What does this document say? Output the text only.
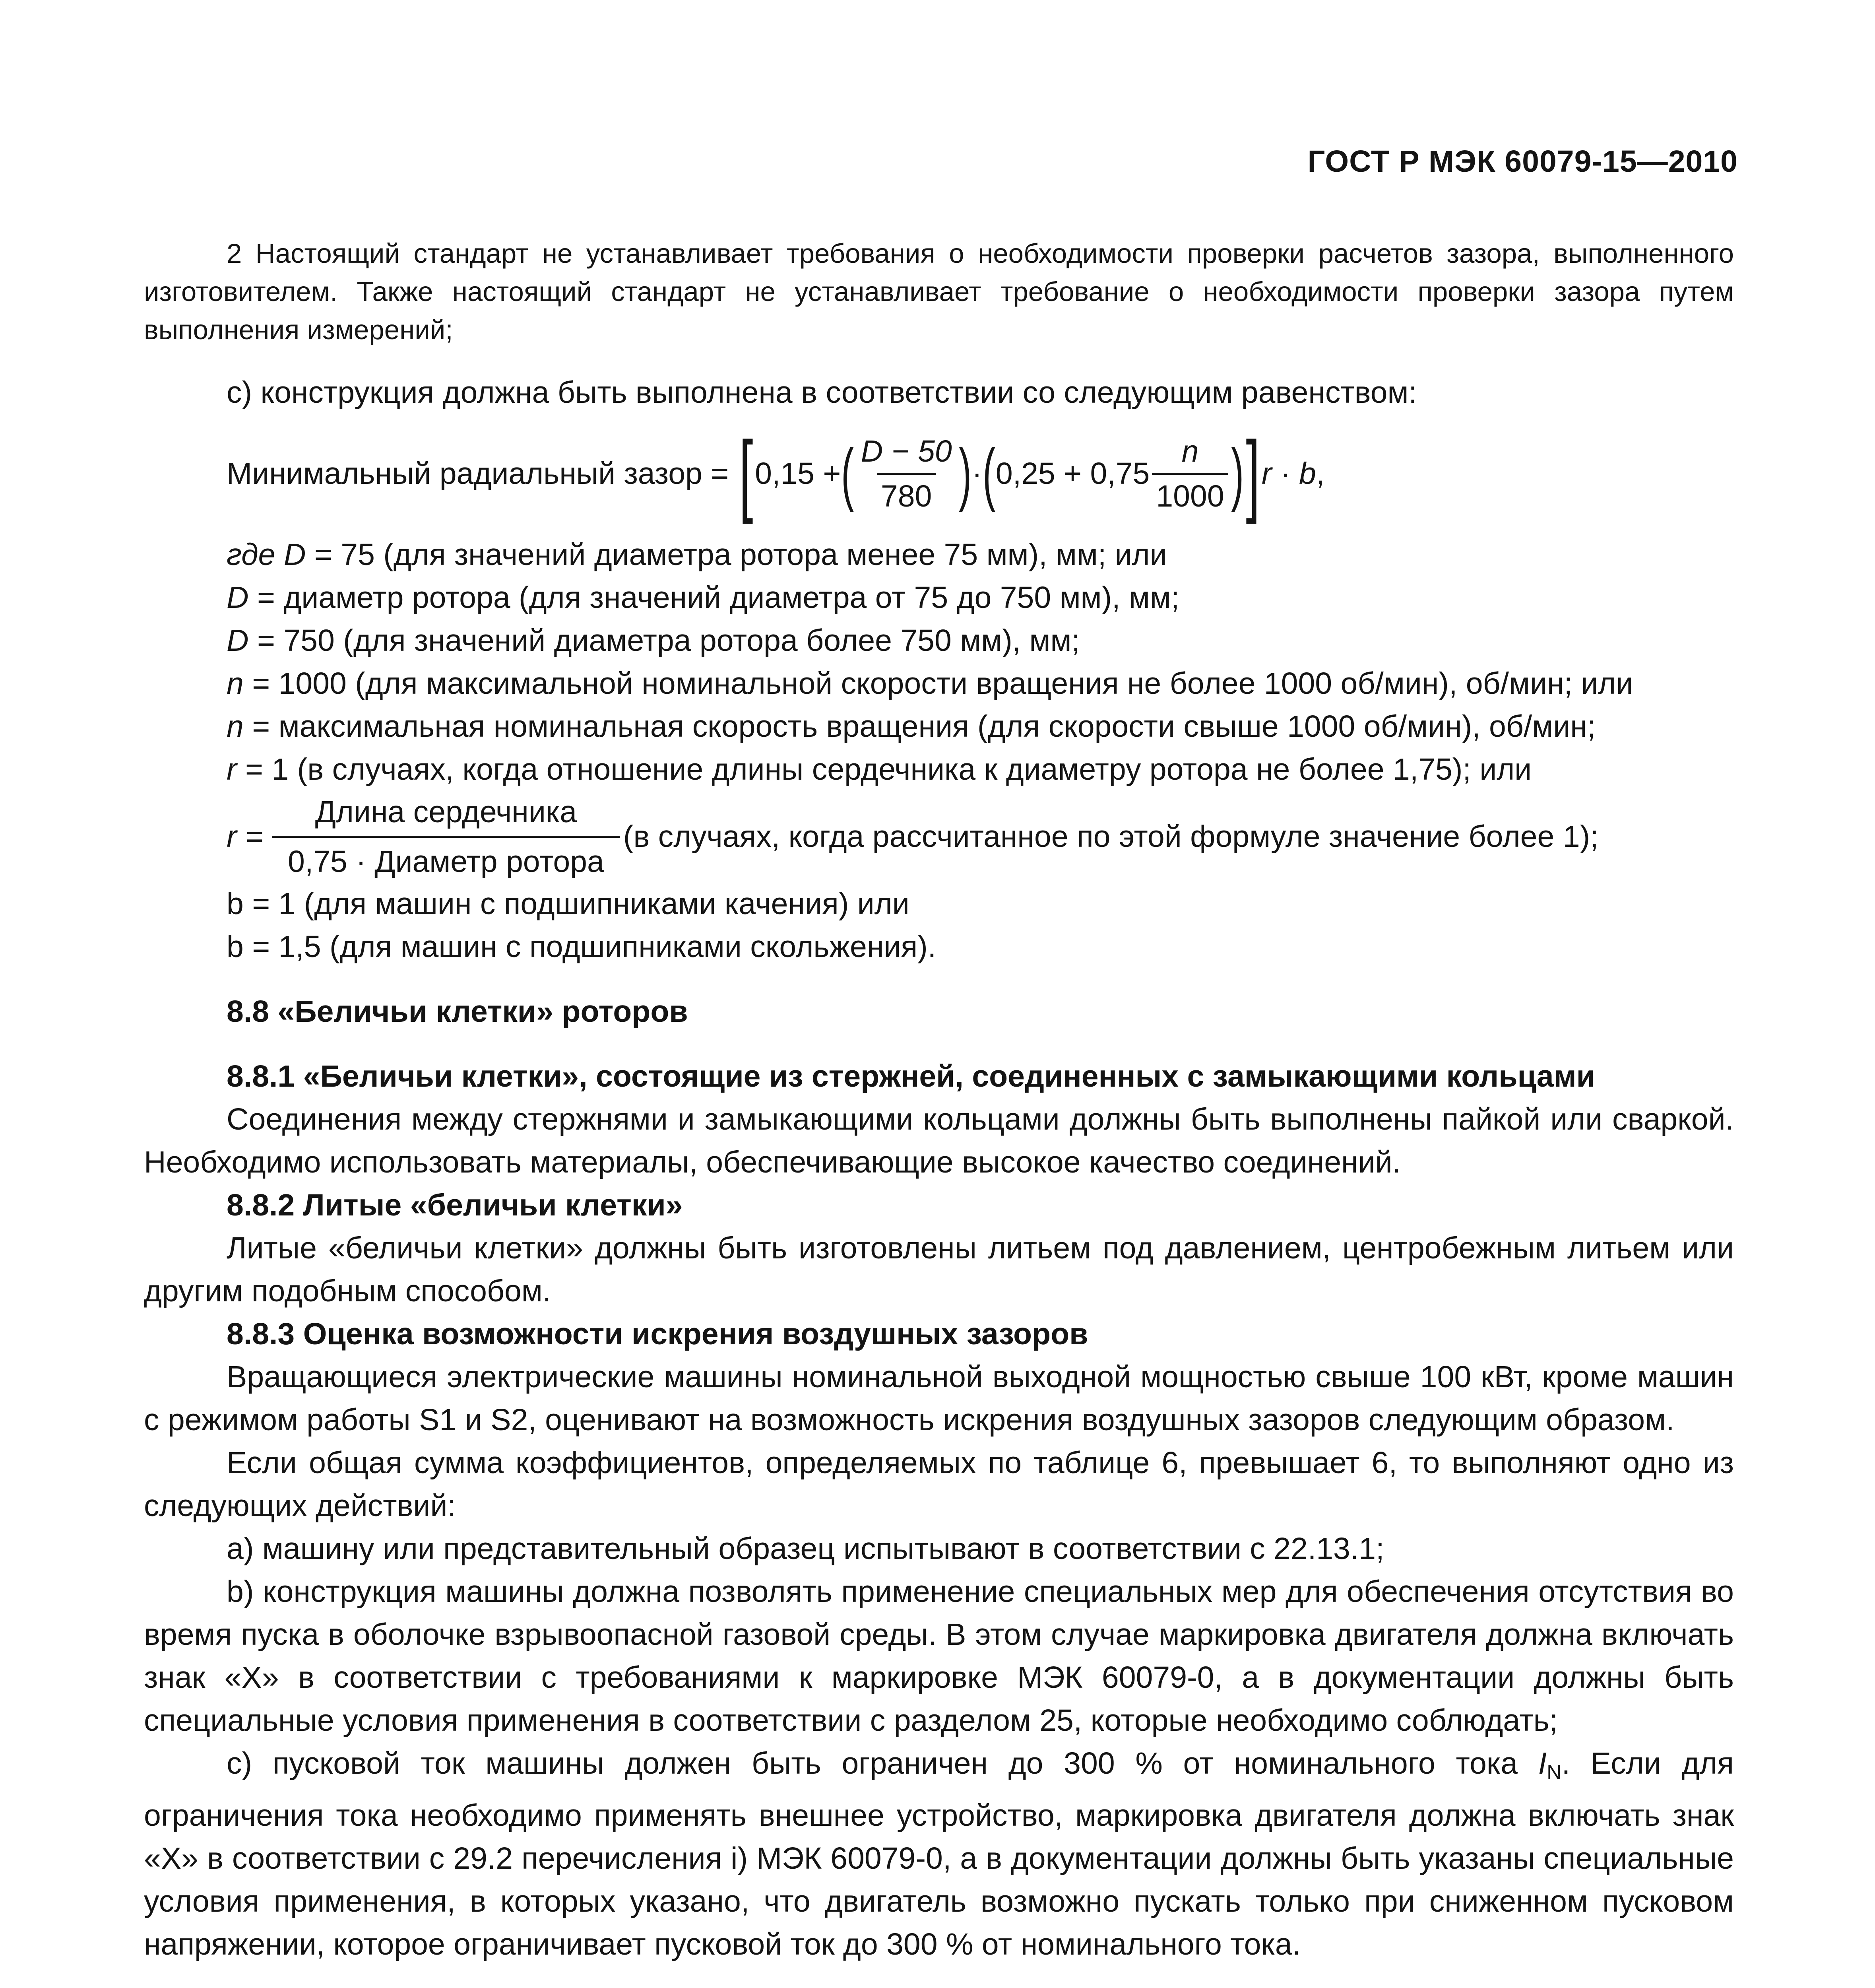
ГОСТ Р МЭК 60079-15—2010

2 Настоящий стандарт не устанавливает требования о необходимости проверки расчетов зазора, выполненного изготовителем. Также настоящий стандарт не устанавливает требование о необходимости проверки зазора путем выполнения измерений;

с) конструкция должна быть выполнена в соответствии со следующим равенством:

Минимальный радиальный зазор = [ 0,15 + ( $\frac{D - 50}{780}$ ) · ( $0,25 + 0,75 \frac{n}{1000}$ ) ] r · b ,

где D = 75 (для значений диаметра ротора менее 75 мм), мм; или

D = диаметр ротора (для значений диаметра от 75 до 750 мм), мм;

D = 750 (для значений диаметра ротора более 750 мм), мм;

n = 1000 (для максимальной номинальной скорости вращения не более 1000 об/мин), об/мин; или

n = максимальная номинальная скорость вращения (для скорости свыше 1000 об/мин), об/мин;

r = 1 (в случаях, когда отношение длины сердечника к диаметру ротора не более 1,75); или

$r = \frac{\text{Длина сердечника}}{\text{0,75 · Диаметр ротора}} (в$ случаях, когда рассчитанное по этой формуле значение более 1);

b = 1 (для машин с подшипниками качения) или

b = 1,5 (для машин с подшипниками скольжения).

8.8 «Беличьи клетки» роторов

8.8.1 «Беличьи клетки», состоящие из стержней, соединенных с замыкающими кольцами

Соединения между стержнями и замыкающими кольцами должны быть выполнены пайкой или сваркой. Необходимо использовать материалы, обеспечивающие высокое качество соединений.

8.8.2 Литые «беличьи клетки»

Литые «беличьи клетки» должны быть изготовлены литьем под давлением, центробежным литьем или другим подобным способом.

8.8.3 Оценка возможности искрения воздушных зазоров

Вращающиеся электрические машины номинальной выходной мощностью свыше 100 кВт, кроме машин с режимом работы S1 и S2, оценивают на возможность искрения воздушных зазоров следующим образом.

Если общая сумма коэффициентов, определяемых по таблице 6, превышает 6, то выполняют одно из следующих действий:

а) машину или представительный образец испытывают в соответствии с 22.13.1;

b) конструкция машины должна позволять применение специальных мер для обеспечения отсутствия во время пуска в оболочке взрывоопасной газовой среды. В этом случае маркировка двигателя должна включать знак «X» в соответствии с требованиями к маркировке МЭК 60079-0, а в документации должны быть специальные условия применения в соответствии с разделом 25, которые необходимо соблюдать;

с) пусковой ток машины должен быть ограничен до 300 % от номинального тока $I_N$. Если для ограничения тока необходимо применять внешнее устройство, маркировка двигателя должна включать знак «X» в соответствии с 29.2 перечисления i) МЭК 60079-0, а в документации должны быть указаны специальные условия применения, в которых указано, что двигатель возможно пускать только при сниженном пусковом напряжении, которое ограничивает пусковой ток до 300 % от номинального тока.
